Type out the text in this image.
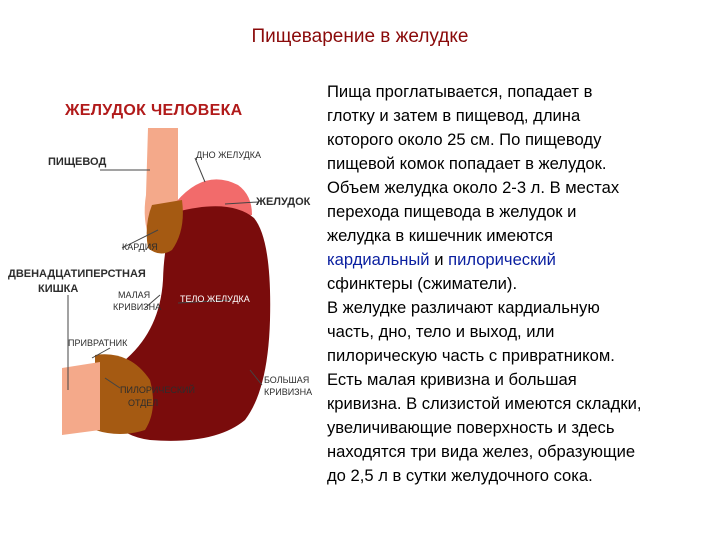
Пищеварение в желудке
ЖЕЛУДОК ЧЕЛОВЕКА
ПИЩЕВОД
ДНО ЖЕЛУДКА
ЖЕЛУДОК
КАРДИЯ
ДВЕНАДЦАТИПЕРСТНАЯ
КИШКА	МАЛАЯ
КРИВИЗНА
ТЕЛО ЖЕЛУДКА
ПРИВРАТНИК
ПИЛОРИЧЕСКИЙ
ОТДЕЛ
БОЛЬШАЯ
КРИВИЗНА
Пища проглатывается, попадает в
глотку и затем в пищевод, длина
которого около 25 см. По пищеводу
пищевой комок попадает в желудок.
Объем желудка около 2-3 л. В местах
перехода пищевода в желудок и
желудка в кишечник имеются
кардиальный и пилорический
сфинктеры (сжиматели).
В желудке различают кардиальную
часть, дно, тело и выход, или
пилорическую часть с привратником.
Есть малая кривизна и большая
кривизна. В слизистой имеются складки,
увеличивающие поверхность и здесь
находятся три вида желез, образующие
до 2,5 л в сутки желудочного сока.
